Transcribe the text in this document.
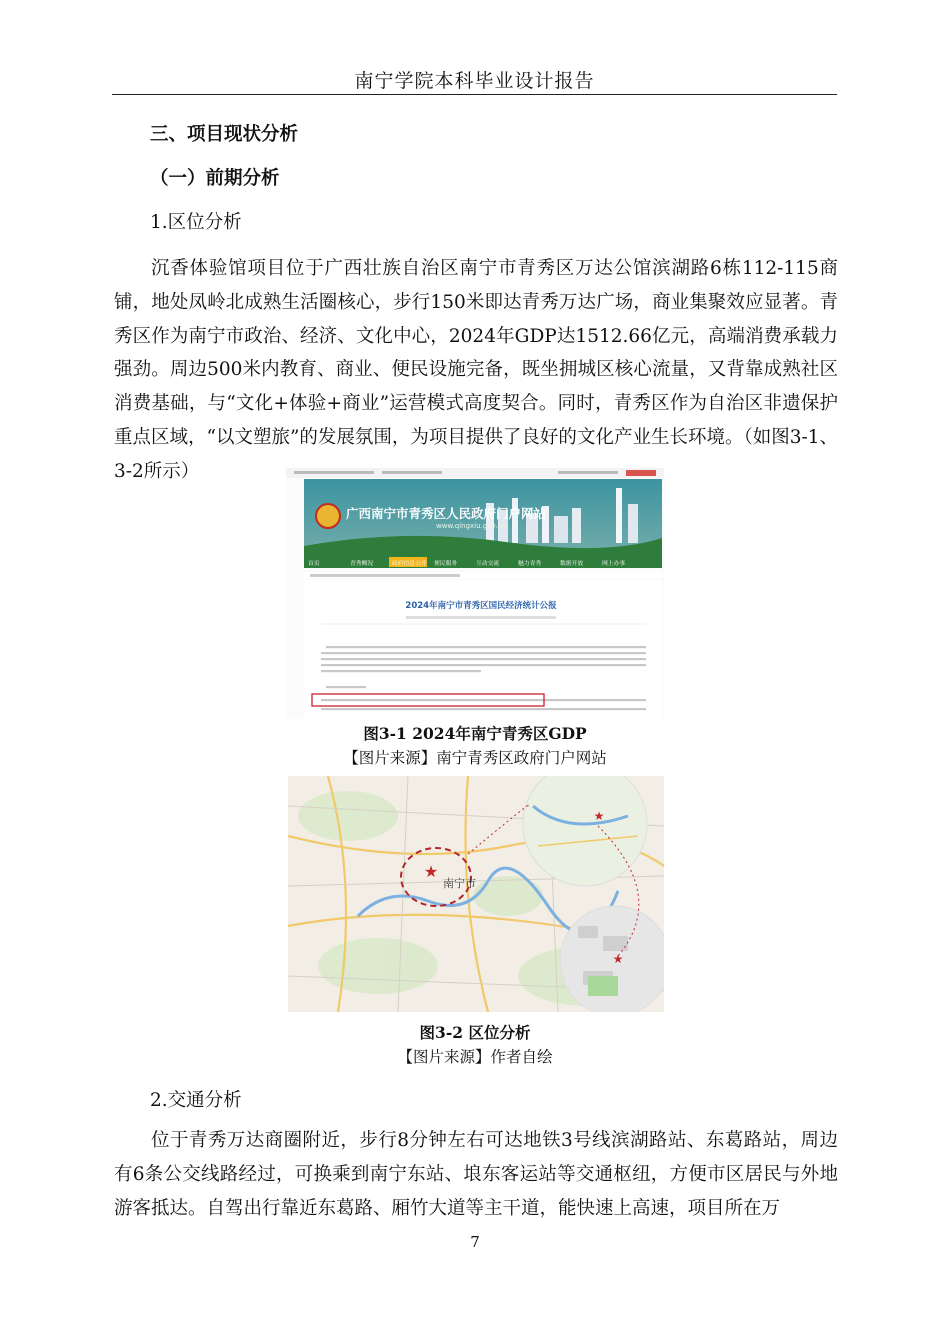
南宁学院本科毕业设计报告
三、项目现状分析
（一）前期分析
1.区位分析

沉香体验馆项目位于广西壮族自治区南宁市青秀区万达公馆滨湖路6栋112-115商铺，地处凤岭北成熟生活圈核心，步行150米即达青秀万达广场，商业集聚效应显著。青秀区作为南宁市政治、经济、文化中心，2024年GDP达1512.66亿元，高端消费承载力强劲。周边500米内教育、商业、便民设施完备，既坐拥城区核心流量，又背靠成熟社区消费基础，与“文化+体验+商业”运营模式高度契合。同时，青秀区作为自治区非遗保护重点区域，“以文塑旅”的发展氛围，为项目提供了良好的文化产业生长环境。（如图3-1、3-2所示）

广西南宁市青秀区人民政府门户网站
www.qingxiu.gov.cn
首页	青秀概况	政府信息公开 便民服务	互动交流	魅力青秀	数据开放	网上办事
2024年南宁市青秀区国民经济统计公报
图3-1 2024年南宁青秀区GDP
【图片来源】南宁青秀区政府门户网站
★
南宁市
★
★
图3-2 区位分析
【图片来源】作者自绘
2.交通分析

位于青秀万达商圈附近，步行8分钟左右可达地铁3号线滨湖路站、东葛路站，周边有6条公交线路经过，可换乘到南宁东站、埌东客运站等交通枢纽，方便市区居民与外地游客抵达。自驾出行靠近东葛路、厢竹大道等主干道，能快速上高速，项目所在万

7
